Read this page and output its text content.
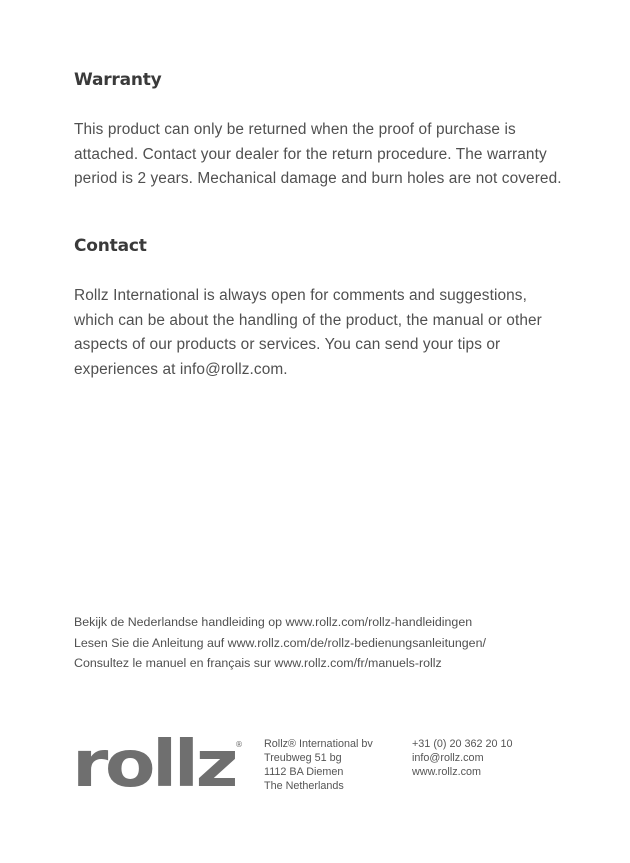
Warranty

This product can only be returned when the proof of purchase is attached. Contact your dealer for the return procedure. The warranty period is 2 years. Mechanical damage and burn holes are not covered.

Contact

Rollz International is always open for comments and suggestions, which can be about the handling of the product, the manual or other aspects of our products or services. You can send your tips or experiences at info@rollz.com.

Bekijk de Nederlandse handleiding op www.rollz.com/rollz-handleidingen
Lesen Sie die Anleitung auf www.rollz.com/de/rollz-bedienungsanleitungen/
Consultez le manuel en français sur www.rollz.com/fr/manuels-rollz
rollz ® Rollz® International bv
Treubweg 51 bg
1112 BA Diemen
The Netherlands
+31 (0) 20 362 20 10
info@rollz.com
www.rollz.com
